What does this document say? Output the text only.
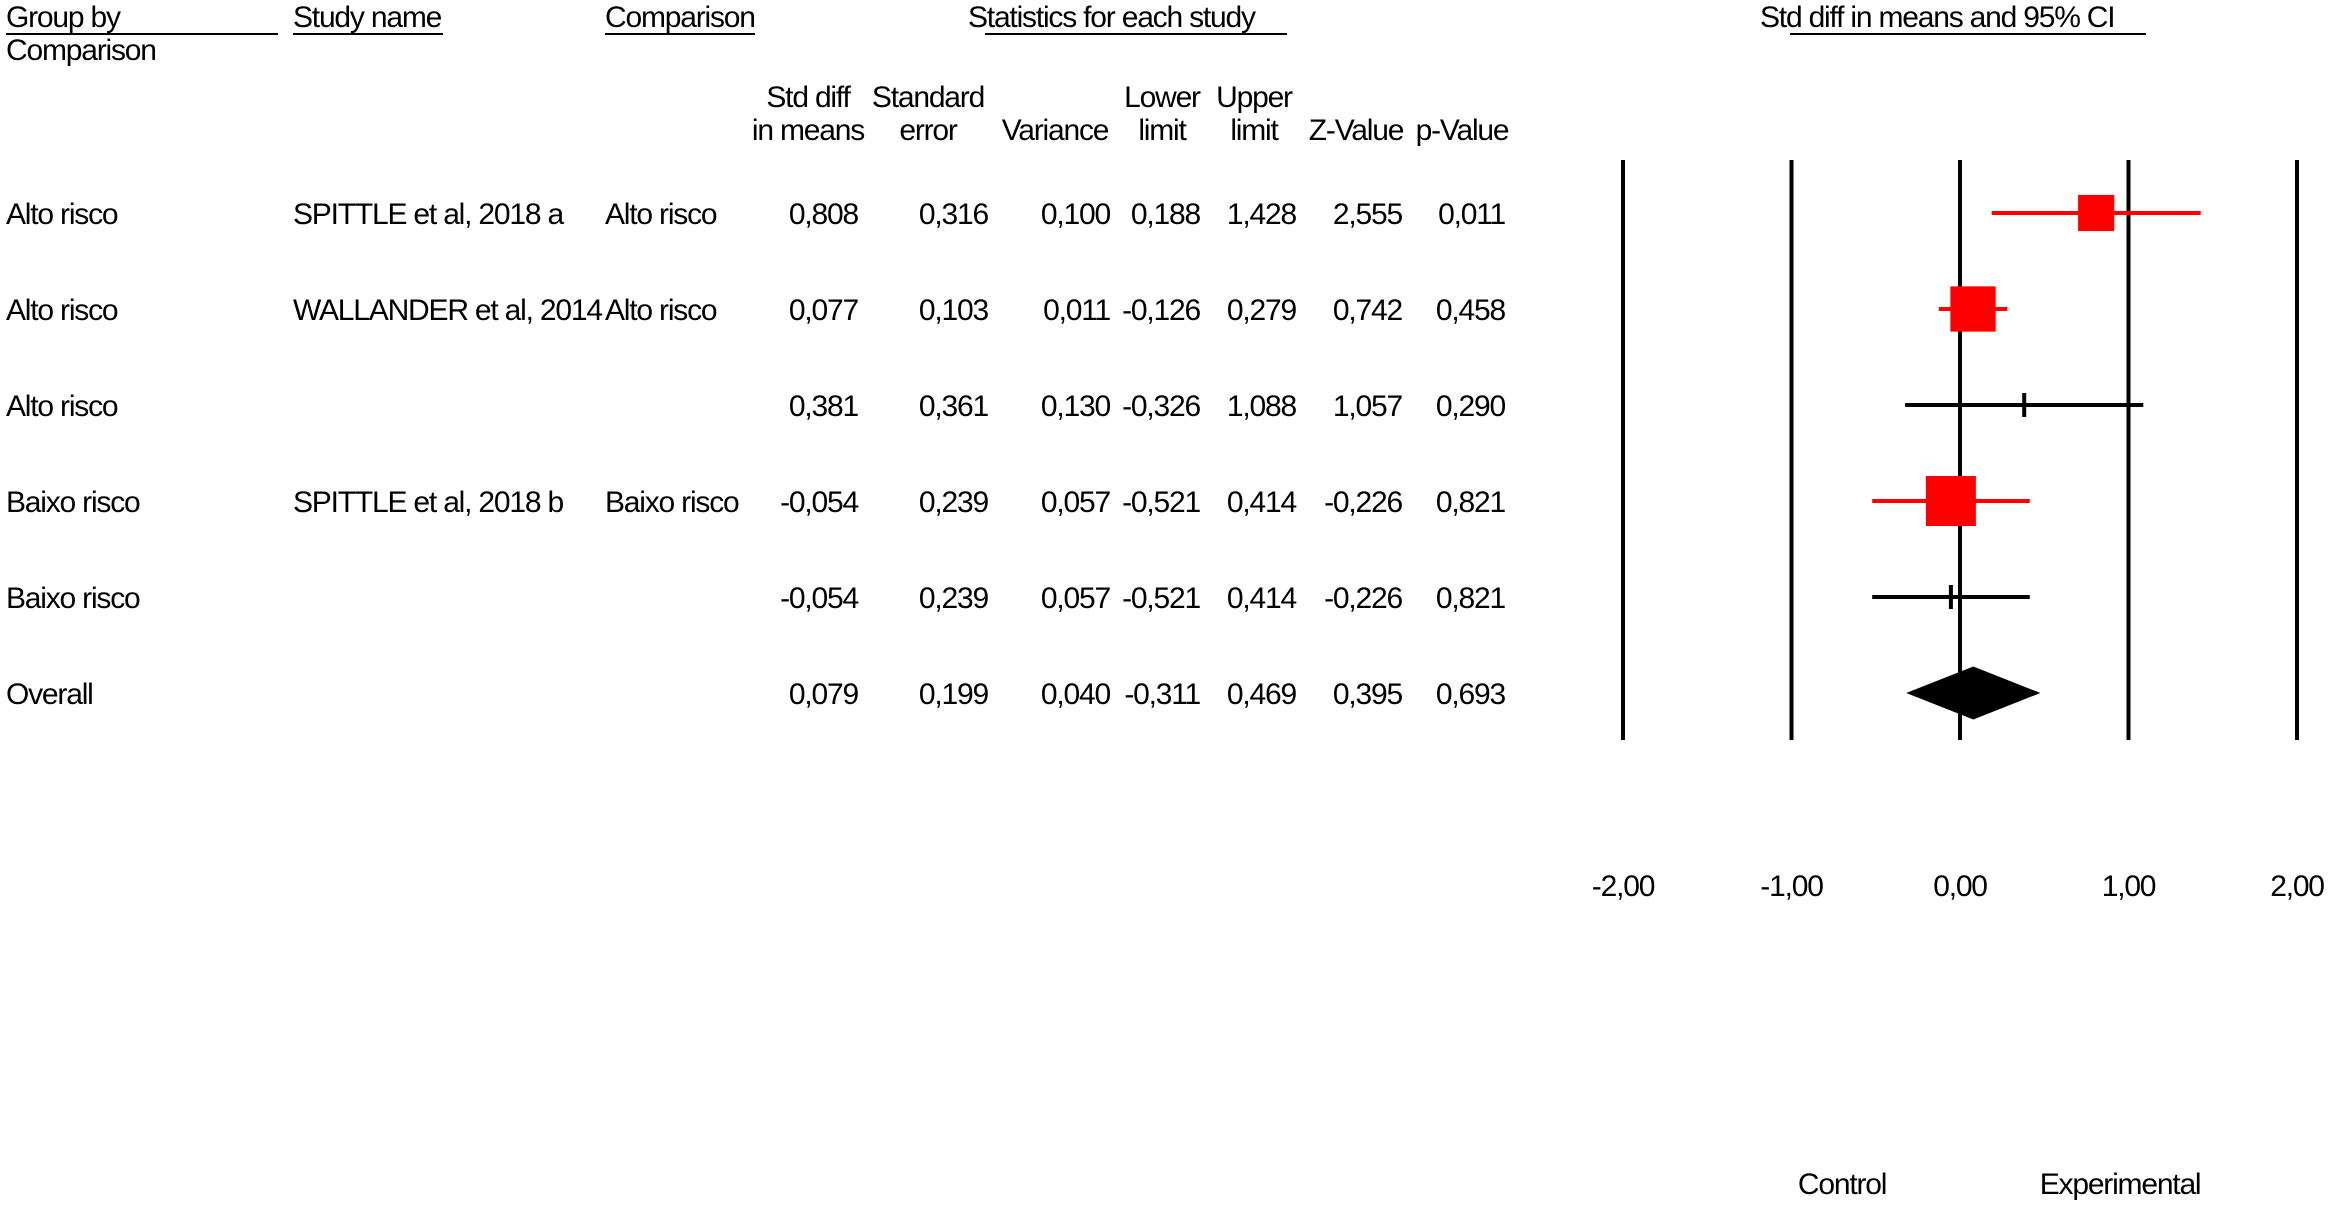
Group by
Comparison
Study name	Comparison	Statistics for each study	Std diff in means and 95% CI
Std diff
in means
Standard
error	Variance
Lower
limit
Upper
limit	Z-Value p-Value
Alto risco	SPITTLE et al, 2018 a Alto risco	0,808	0,316	0,100 0,188 1,428	2,555	0,011
Alto risco	WALLANDER et al, 2014 Alto risco	0,077	0,103	0,011 -0,126 0,279	0,742	0,458
Alto risco	0,381	0,361	0,130 -0,326 1,088	1,057	0,290
Baixo risco	SPITTLE et al, 2018 b Baixo risco	-0,054	0,239	0,057 -0,521 0,414 -0,226	0,821
Baixo risco	-0,054	0,239	0,057 -0,521 0,414 -0,226	0,821
Overall	0,079	0,199	0,040 -0,311 0,469	0,395	0,693
-2,00	-1,00	0,00	1,00	2,00
Control	Experimental
